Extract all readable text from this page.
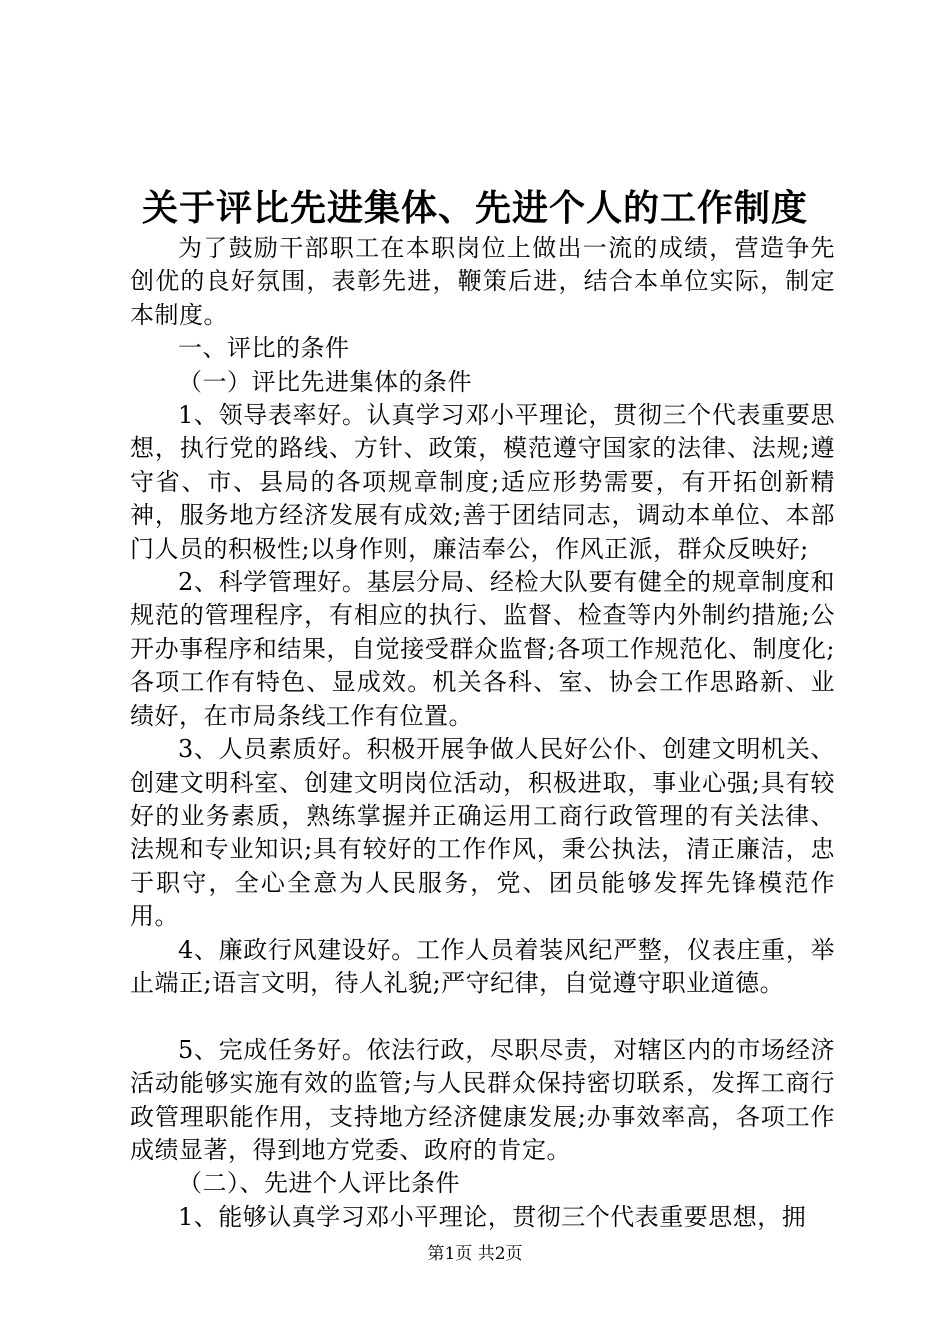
关于评比先进集体、先进个人的工作制度

为了鼓励干部职工在本职岗位上做出一流的成绩，营造争先创优的良好氛围，表彰先进，鞭策后进，结合本单位实际，制定本制度。

一、评比的条件

（一）评比先进集体的条件

1、领导表率好。认真学习邓小平理论，贯彻三个代表重要思想，执行党的路线、方针、政策，模范遵守国家的法律、法规;遵守省、市、县局的各项规章制度;适应形势需要，有开拓创新精神，服务地方经济发展有成效;善于团结同志，调动本单位、本部门人员的积极性;以身作则，廉洁奉公，作风正派，群众反映好;

2、科学管理好。基层分局、经检大队要有健全的规章制度和规范的管理程序，有相应的执行、监督、检查等内外制约措施;公开办事程序和结果，自觉接受群众监督;各项工作规范化、制度化;各项工作有特色、显成效。机关各科、室、协会工作思路新、业绩好，在市局条线工作有位置。

3、人员素质好。积极开展争做人民好公仆、创建文明机关、创建文明科室、创建文明岗位活动，积极进取，事业心强;具有较好的业务素质，熟练掌握并正确运用工商行政管理的有关法律、法规和专业知识;具有较好的工作作风，秉公执法，清正廉洁，忠于职守，全心全意为人民服务，党、团员能够发挥先锋模范作用。

4、廉政行风建设好。工作人员着装风纪严整，仪表庄重，举止端正;语言文明，待人礼貌;严守纪律，自觉遵守职业道德。

5、完成任务好。依法行政，尽职尽责，对辖区内的市场经济活动能够实施有效的监管;与人民群众保持密切联系，发挥工商行政管理职能作用，支持地方经济健康发展;办事效率高，各项工作成绩显著，得到地方党委、政府的肯定。

（二）、先进个人评比条件

1、能够认真学习邓小平理论，贯彻三个代表重要思想，拥

第1页 共2页
